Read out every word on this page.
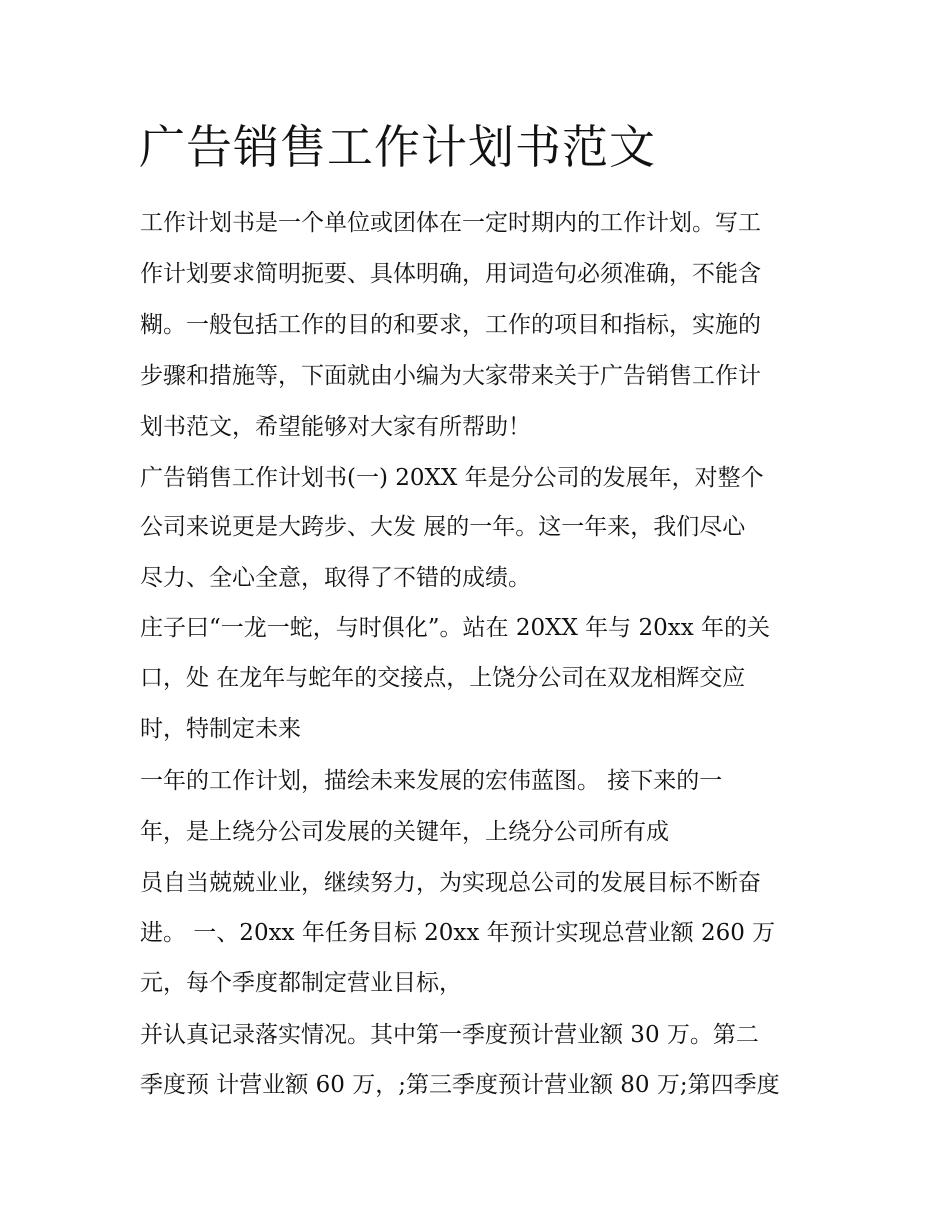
广告销售工作计划书范文

工作计划书是一个单位或团体在一定时期内的工作计划。写工

作计划要求简明扼要、具体明确，用词造句必须准确，不能含

糊。一般包括工作的目的和要求，工作的项目和指标，实施的

步骤和措施等，下面就由小编为大家带来关于广告销售工作计

划书范文，希望能够对大家有所帮助！

广告销售工作计划书(一) 20XX 年是分公司的发展年，对整个

公司来说更是大跨步、大发 展的一年。这一年来，我们尽心

尽力、全心全意，取得了不错的成绩。

庄子曰“一龙一蛇，与时俱化”。站在 20XX 年与 20xx 年的关

口，处 在龙年与蛇年的交接点，上饶分公司在双龙相辉交应

时，特制定未来

一年的工作计划，描绘未来发展的宏伟蓝图。 接下来的一

年，是上绕分公司发展的关键年，上绕分公司所有成

员自当兢兢业业，继续努力，为实现总公司的发展目标不断奋

进。 一、20xx 年任务目标 20xx 年预计实现总营业额 260 万

元，每个季度都制定营业目标，

并认真记录落实情况。其中第一季度预计营业额 30 万。第二

季度预 计营业额 60 万，;第三季度预计营业额 80 万;第四季度
